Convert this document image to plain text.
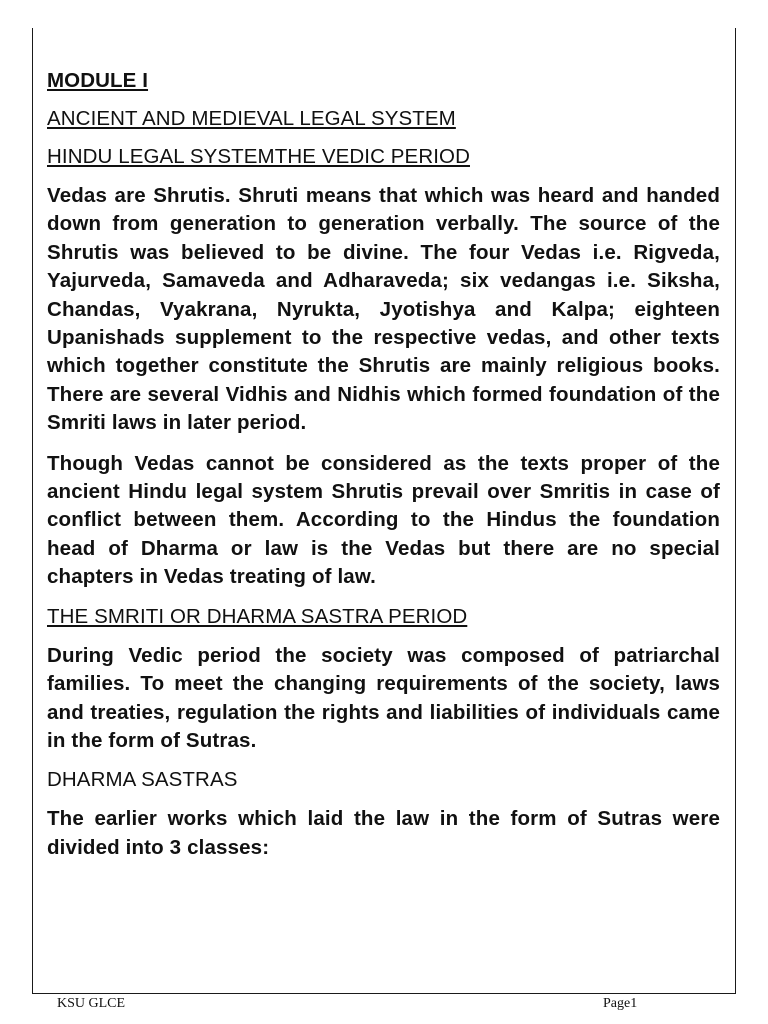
MODULE I
ANCIENT AND MEDIEVAL LEGAL SYSTEM
HINDU LEGAL SYSTEMTHE VEDIC PERIOD

Vedas are Shrutis. Shruti means that which was heard and handed down from generation to generation verbally. The source of the Shrutis was believed to be divine. The four Vedas i.e. Rigveda, Yajurveda, Samaveda and Adharaveda; six vedangas i.e. Siksha, Chandas, Vyakrana, Nyrukta, Jyotishya and Kalpa; eighteen Upanishads supplement to the respective vedas, and other texts which together constitute the Shrutis are mainly religious books. There are several Vidhis and Nidhis which formed foundation of the Smriti laws in later period.

Though Vedas cannot be considered as the texts proper of the ancient Hindu legal system Shrutis prevail over Smritis in case of conflict between them. According to the Hindus the foundation head of Dharma or law is the Vedas but there are no special chapters in Vedas treating of law.

THE SMRITI OR DHARMA SASTRA PERIOD

During Vedic period the society was composed of patriarchal families. To meet the changing requirements of the society, laws and treaties, regulation the rights and liabilities of individuals came in the form of Sutras.

DHARMA SASTRAS

The earlier works which laid the law in the form of Sutras were divided into 3 classes:

KSU GLCE	Page1
